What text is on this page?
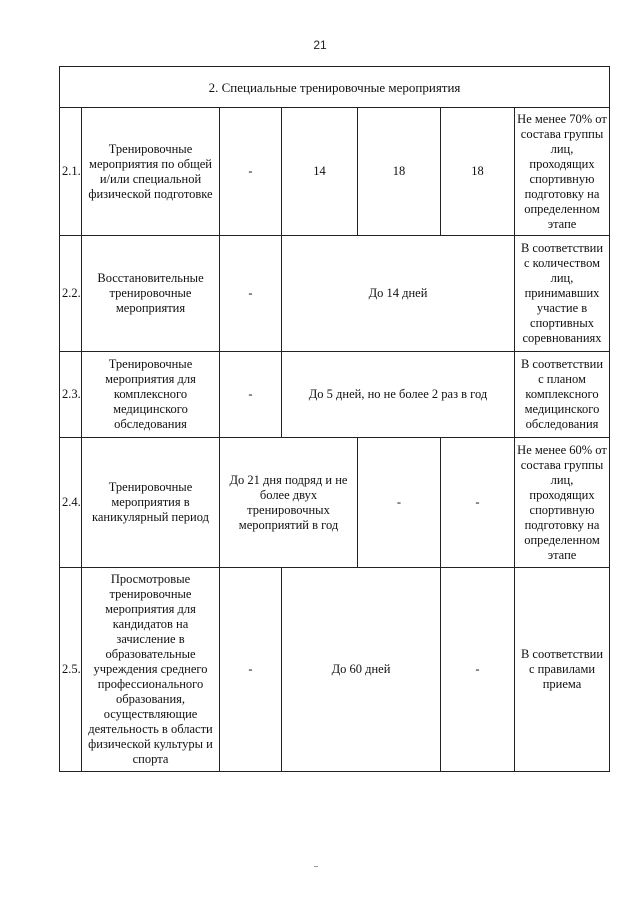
21
2. Специальные тренировочные мероприятия						
2.1.	Тренировочные мероприятия по общей и/или специальной физической подготовке	-	14	18	18	Не менее 70% от состава группы лиц, проходящих спортивную подготовку на определенном этапе
2.2.	Восстановительные тренировочные мероприятия	-	До 14 дней			В соответствии с количеством лиц, принимавших участие в спортивных соревнованиях
2.3.	Тренировочные мероприятия для комплексного медицинского обследования	-	До 5 дней, но не более 2 раз в год			В соответствии с планом комплексного медицинского обследования
2.4.	Тренировочные мероприятия в каникулярный период	До 21 дня подряд и не более двух тренировочных мероприятий в год		-	-	Не менее 60% от состава группы лиц, проходящих спортивную подготовку на определенном этапе
2.5.	Просмотровые тренировочные мероприятия для кандидатов на зачисление в образовательные учреждения среднего профессионального образования, осуществляющие деятельность в области физической культуры и спорта	-	До 60 дней		-	В соответствии с правилами приема
